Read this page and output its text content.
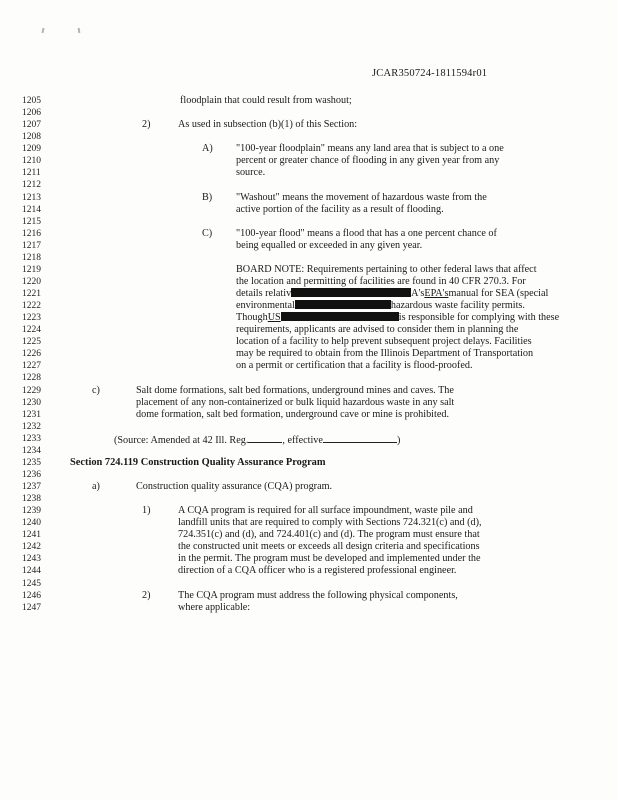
JCAR350724-1811594r01
1205
1206
1207
1208
1209
1210
1211
1212
1213
1214
1215
1216
1217
1218
1219
1220
1221
1222
1223
1224
1225
1226
1227
1228
1229
1230
1231
1232
1233
1234
1235
1236
1237
1238
1239
1240
1241
1242
1243
1244
1245
1246
1247
floodplain that could result from washout;
2)	As used in subsection (b)(1) of this Section:
A) "100-year floodplain" means any land area that is subject to a one
percent or greater chance of flooding in any given year from any
source.
B) "Washout" means the movement of hazardous waste from the
active portion of the facility as a result of flooding.
C) "100-year flood" means a flood that has a one percent chance of
being equalled or exceeded in any given year.
BOARD NOTE: Requirements pertaining to other federal laws that affect
the location and permitting of facilities are found in 40 CFR 270.3. For
details relativ	A'sEPA'smanual for SEA (special
environmental	hazardous waste facility permits.
ThoughUS	is responsible for complying with these
requirements, applicants are advised to consider them in planning the
location of a facility to help prevent subsequent project delays. Facilities
may be required to obtain from the Illinois Department of Transportation
on a permit or certification that a facility is flood-proofed.
c)	Salt dome formations, salt bed formations, underground mines and caves. The
placement of any non-containerized or bulk liquid hazardous waste in any salt
dome formation, salt bed formation, underground cave or mine is prohibited.
(Source: Amended at 42 Ill. Reg.	, effective	)
Section 724.119 Construction Quality Assurance Program
a)	Construction quality assurance (CQA) program.
1)	A CQA program is required for all surface impoundment, waste pile and
landfill units that are required to comply with Sections 724.321(c) and (d),
724.351(c) and (d), and 724.401(c) and (d). The program must ensure that
the constructed unit meets or exceeds all design criteria and specifications
in the permit. The program must be developed and implemented under the
direction of a CQA officer who is a registered professional engineer.
2)	The CQA program must address the following physical components,
where applicable:
